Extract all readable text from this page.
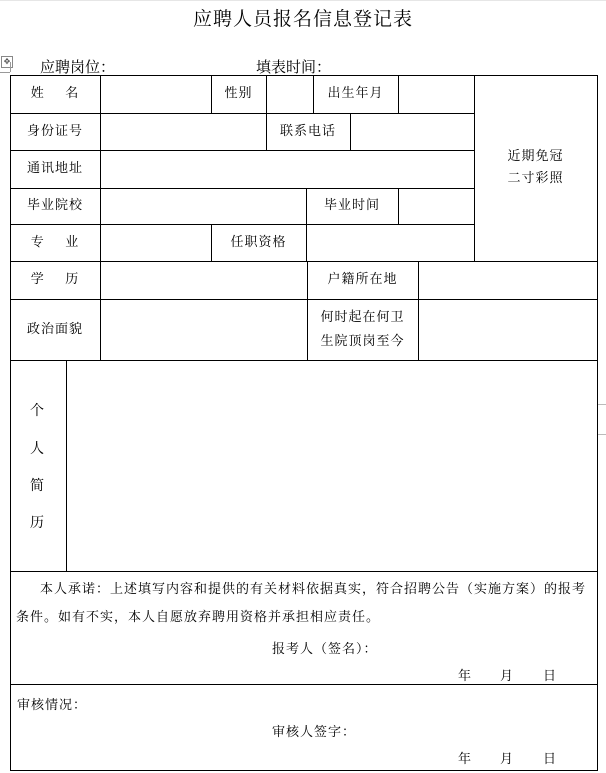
✥
应聘人员报名信息登记表
应聘岗位：	填表时间：
姓    名	性别	出生年月
近期免冠
二寸彩照
身份证号	联系电话
通讯地址
毕业院校	毕业时间
专    业	任职资格
学    历	户籍所在地
政治面貌
何时起在何卫
生院顶岗至今
个
人
简
历
本人承诺：上述填写内容和提供的有关材料依据真实，符合招聘公告（实施方案）的报考
条件。如有不实，本人自愿放弃聘用资格并承担相应责任。
报考人（签名）：
年 月 日
审核情况：
审核人签字：
年 月 日
